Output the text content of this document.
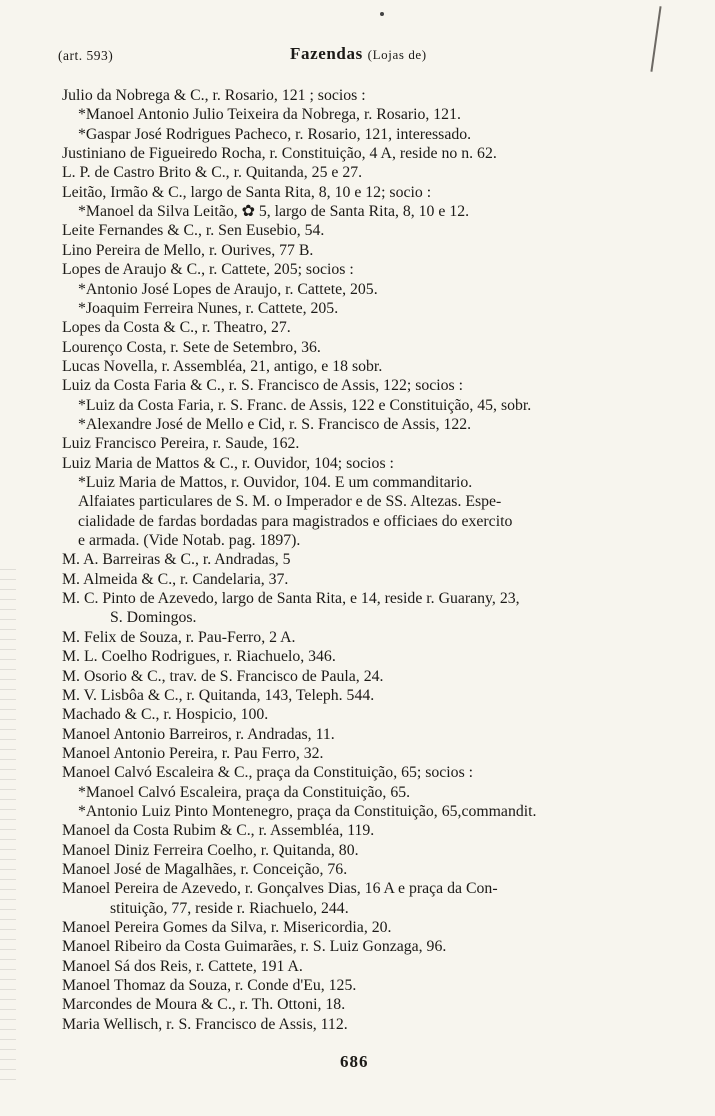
(art. 593)	Fazendas (Lojas de)
Julio da Nobrega & C., r. Rosario, 121 ; socios :
*Manoel Antonio Julio Teixeira da Nobrega, r. Rosario, 121.
*Gaspar José Rodrigues Pacheco, r. Rosario, 121, interessado.
Justiniano de Figueiredo Rocha, r. Constituição, 4 A, reside no n. 62.
L. P. de Castro Brito & C., r. Quitanda, 25 e 27.
Leitão, Irmão & C., largo de Santa Rita, 8, 10 e 12; socio :
*Manoel da Silva Leitão, ✿ 5, largo de Santa Rita, 8, 10 e 12.
Leite Fernandes & C., r. Sen Eusebio, 54.
Lino Pereira de Mello, r. Ourives, 77 B.
Lopes de Araujo & C., r. Cattete, 205; socios :
*Antonio José Lopes de Araujo, r. Cattete, 205.
*Joaquim Ferreira Nunes, r. Cattete, 205.
Lopes da Costa & C., r. Theatro, 27.
Lourenço Costa, r. Sete de Setembro, 36.
Lucas Novella, r. Assembléa, 21, antigo, e 18 sobr.
Luiz da Costa Faria & C., r. S. Francisco de Assis, 122; socios :
*Luiz da Costa Faria, r. S. Franc. de Assis, 122 e Constituição, 45, sobr.
*Alexandre José de Mello e Cid, r. S. Francisco de Assis, 122.
Luiz Francisco Pereira, r. Saude, 162.
Luiz Maria de Mattos & C., r. Ouvidor, 104; socios :
*Luiz Maria de Mattos, r. Ouvidor, 104. E um commanditario.
Alfaiates particulares de S. M. o Imperador e de SS. Altezas. Espe-
cialidade de fardas bordadas para magistrados e officiaes do exercito
e armada. (Vide Notab. pag. 1897).
M. A. Barreiras & C., r. Andradas, 5
M. Almeida & C., r. Candelaria, 37.
M. C. Pinto de Azevedo, largo de Santa Rita, e 14, reside r. Guarany, 23,
S. Domingos.
M. Felix de Souza, r. Pau-Ferro, 2 A.
M. L. Coelho Rodrigues, r. Riachuelo, 346.
M. Osorio & C., trav. de S. Francisco de Paula, 24.
M. V. Lisbôa & C., r. Quitanda, 143, Teleph. 544.
Machado & C., r. Hospicio, 100.
Manoel Antonio Barreiros, r. Andradas, 11.
Manoel Antonio Pereira, r. Pau Ferro, 32.
Manoel Calvó Escaleira & C., praça da Constituição, 65; socios :
*Manoel Calvó Escaleira, praça da Constituição, 65.
*Antonio Luiz Pinto Montenegro, praça da Constituição, 65,commandit.
Manoel da Costa Rubim & C., r. Assembléa, 119.
Manoel Diniz Ferreira Coelho, r. Quitanda, 80.
Manoel José de Magalhães, r. Conceição, 76.
Manoel Pereira de Azevedo, r. Gonçalves Dias, 16 A e praça da Con-
stituição, 77, reside r. Riachuelo, 244.
Manoel Pereira Gomes da Silva, r. Misericordia, 20.
Manoel Ribeiro da Costa Guimarães, r. S. Luiz Gonzaga, 96.
Manoel Sá dos Reis, r. Cattete, 191 A.
Manoel Thomaz da Souza, r. Conde d'Eu, 125.
Marcondes de Moura & C., r. Th. Ottoni, 18.
Maria Wellisch, r. S. Francisco de Assis, 112.
686
